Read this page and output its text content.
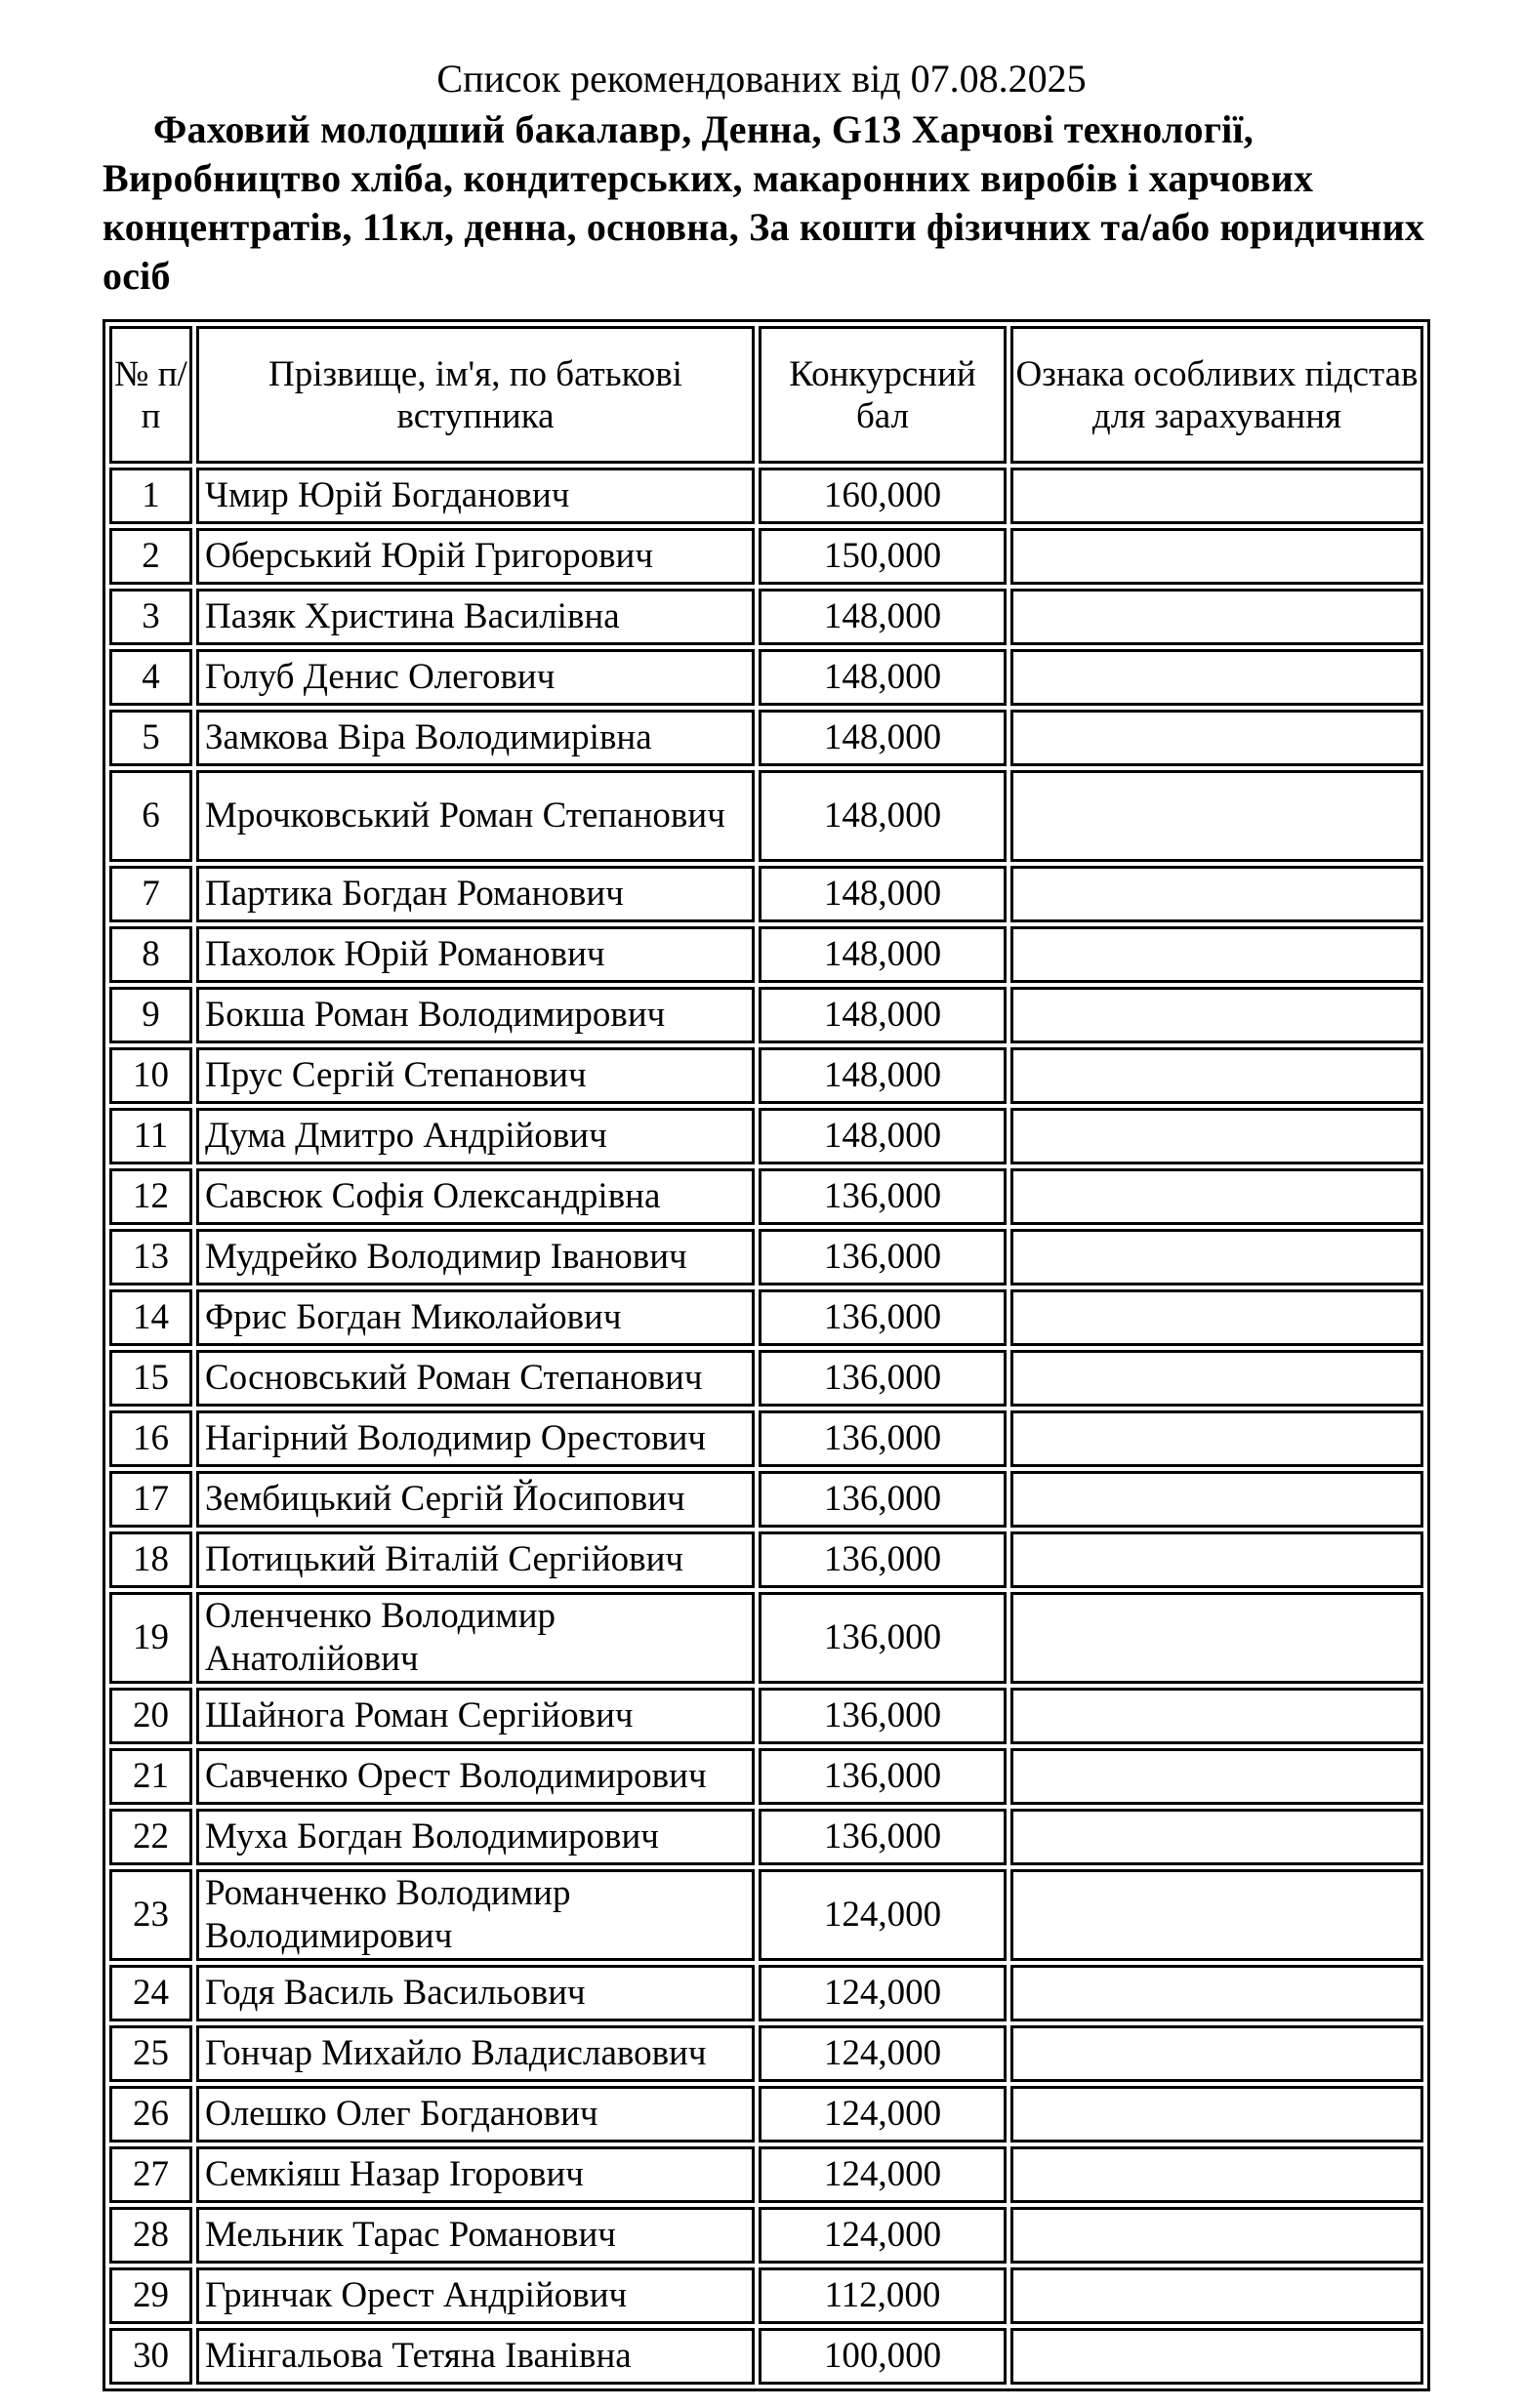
Список рекомендованих від 07.08.2025
Фаховий молодший бакалавр, Денна, G13 Харчові технології, Виробництво хліба, кондитерських, макаронних виробів і харчових концентратів, 11кл, денна, основна, За кошти фізичних та/або юридичних осіб
№ п/п	Прізвище, ім'я, по батькові вступника	Конкурсний бал	Ознака особливих підстав для зарахування
1	Чмир Юрій Богданович	160,000	
2	Оберський Юрій Григорович	150,000	
3	Пазяк Христина Василівна	148,000	
4	Голуб Денис Олегович	148,000	
5	Замкова Віра Володимирівна	148,000	
6	Мрочковський Роман Степанович	148,000	
7	Партика Богдан Романович	148,000	
8	Пахолок Юрій Романович	148,000	
9	Бокша Роман Володимирович	148,000	
10	Прус Сергій Степанович	148,000	
11	Дума Дмитро Андрійович	148,000	
12	Савсюк Софія Олександрівна	136,000	
13	Мудрейко Володимир Іванович	136,000	
14	Фрис Богдан Миколайович	136,000	
15	Сосновський Роман Степанович	136,000	
16	Нагірний Володимир Орестович	136,000	
17	Зембицький Сергій Йосипович	136,000	
18	Потицький Віталій Сергійович	136,000	
19	Оленченко Володимир Анатолійович	136,000	
20	Шайнога Роман Сергійович	136,000	
21	Савченко Орест Володимирович	136,000	
22	Муха Богдан Володимирович	136,000	
23	Романченко Володимир Володимирович	124,000	
24	Годя Василь Васильович	124,000	
25	Гончар Михайло Владиславович	124,000	
26	Олешко Олег Богданович	124,000	
27	Семкіяш Назар Ігорович	124,000	
28	Мельник Тарас Романович	124,000	
29	Гринчак Орест Андрійович	112,000	
30	Мінгальова Тетяна Іванівна	100,000	
